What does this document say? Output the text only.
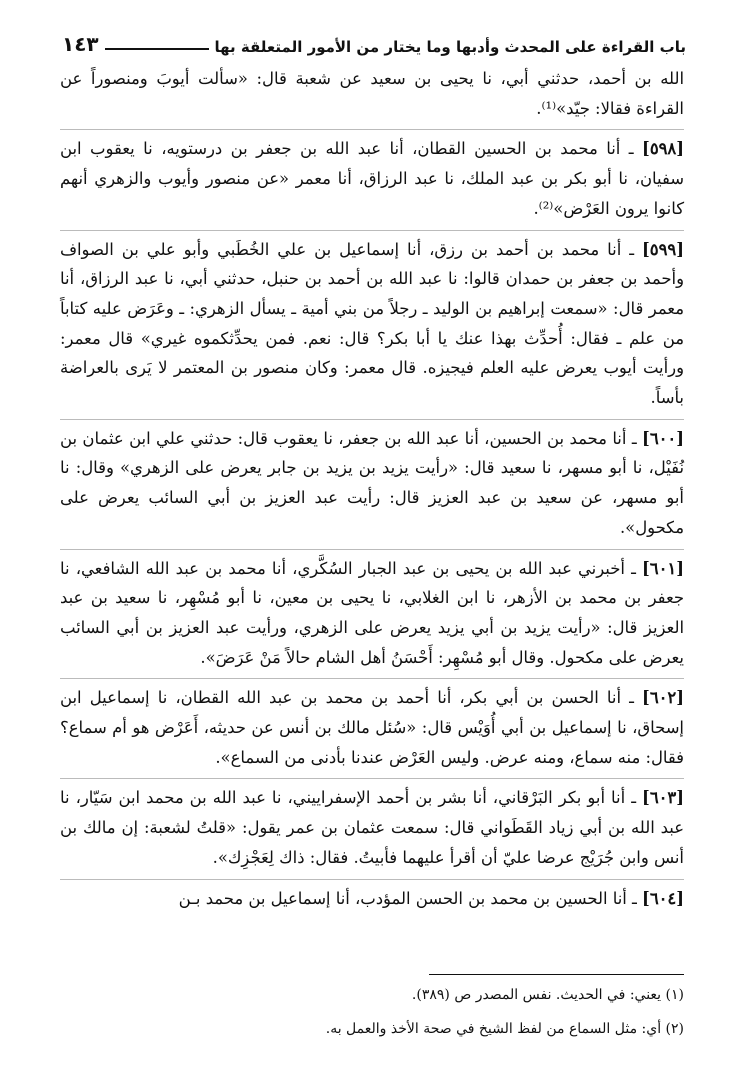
باب القراءة على المحدث وأدبها وما يختار من الأمور المتعلقة بها
١٤٣

الله بن أحمد، حدثني أبي، نا يحيى بن سعيد عن شعبة قال: «سألت أيوبَ ومنصوراً عن القراءة فقالا: جيّد»⁽¹⁾.

[٥٩٨] ـ أنا محمد بن الحسين القطان، أنا عبد الله بن جعفر بن درستويه، نا يعقوب ابن سفيان، نا أبو بكر بن عبد الملك، نا عبد الرزاق، أنا معمر «عن منصور وأيوب والزهري أنهم كانوا يرون العَرْض»⁽²⁾.

[٥٩٩] ـ أنا محمد بن أحمد بن رزق، أنا إسماعيل بن علي الخُطَبي وأبو علي بن الصواف وأحمد بن جعفر بن حمدان قالوا: نا عبد الله بن أحمد بن حنبل، حدثني أبي، نا عبد الرزاق، أنا معمر قال: «سمعت إبراهيم بن الوليد ـ رجلاً من بني أمية ـ يسأل الزهري: ـ وعَرَض عليه كتاباً من علم ـ فقال: أُحدِّث بهذا عنك يا أبا بكر؟ قال: نعم. فمن يحدِّثكموه غيري» قال معمر: ورأيت أيوب يعرض عليه العلم فيجيزه. قال معمر: وكان منصور بن المعتمر لا يَرى بالعراضة بأساً.

[٦٠٠] ـ أنا محمد بن الحسين، أنا عبد الله بن جعفر، نا يعقوب قال: حدثني علي ابن عثمان بن نُفَيْل، نا أبو مسهر، نا سعيد قال: «رأيت يزيد بن يزيد بن جابر يعرض على الزهري» وقال: نا أبو مسهر، عن سعيد بن عبد العزيز قال: رأيت عبد العزيز بن أبي السائب يعرض على مكحول».

[٦٠١] ـ أخبرني عبد الله بن يحيى بن عبد الجبار السُكَّري، أنا محمد بن عبد الله الشافعي، نا جعفر بن محمد بن الأزهر، نا ابن الغلابي، نا يحيى بن معين، نا أبو مُسْهِر، نا سعيد بن عبد العزيز قال: «رأيت يزيد بن أبي يزيد يعرض على الزهري، ورأيت عبد العزيز بن أبي السائب يعرض على مكحول. وقال أبو مُسْهِر: أَحْسَنُ أهل الشام حالاً مَنْ عَرَضَ».

[٦٠٢] ـ أنا الحسن بن أبي بكر، أنا أحمد بن محمد بن عبد الله القطان، نا إسماعيل ابن إسحاق، نا إسماعيل بن أبي أُوَيْس قال: «سُئل مالك بن أنس عن حديثه، أَعَرْض هو أم سماع؟ فقال: منه سماع، ومنه عرض. وليس العَرْض عندنا بأدنى من السماع».

[٦٠٣] ـ أنا أبو بكر البَرْقاني، أنا بشر بن أحمد الإسفراييني، نا عبد الله بن محمد ابن سَيّار، نا عبد الله بن أبي زياد القَطَواني قال: سمعت عثمان بن عمر يقول: «قلتُ لشعبة: إن مالك بن أنس وابن جُرَيْج عرضا عليّ أن أقرأ عليهما فأبيتُ. فقال: ذاك لِعَجْزِك».

[٦٠٤] ـ أنا الحسين بن محمد بن الحسن المؤدب، أنا إسماعيل بن محمد بـن

(١) يعني: في الحديث. نفس المصدر ص (٣٨٩).

(٢) أي: مثل السماع من لفظ الشيخ في صحة الأخذ والعمل به.
